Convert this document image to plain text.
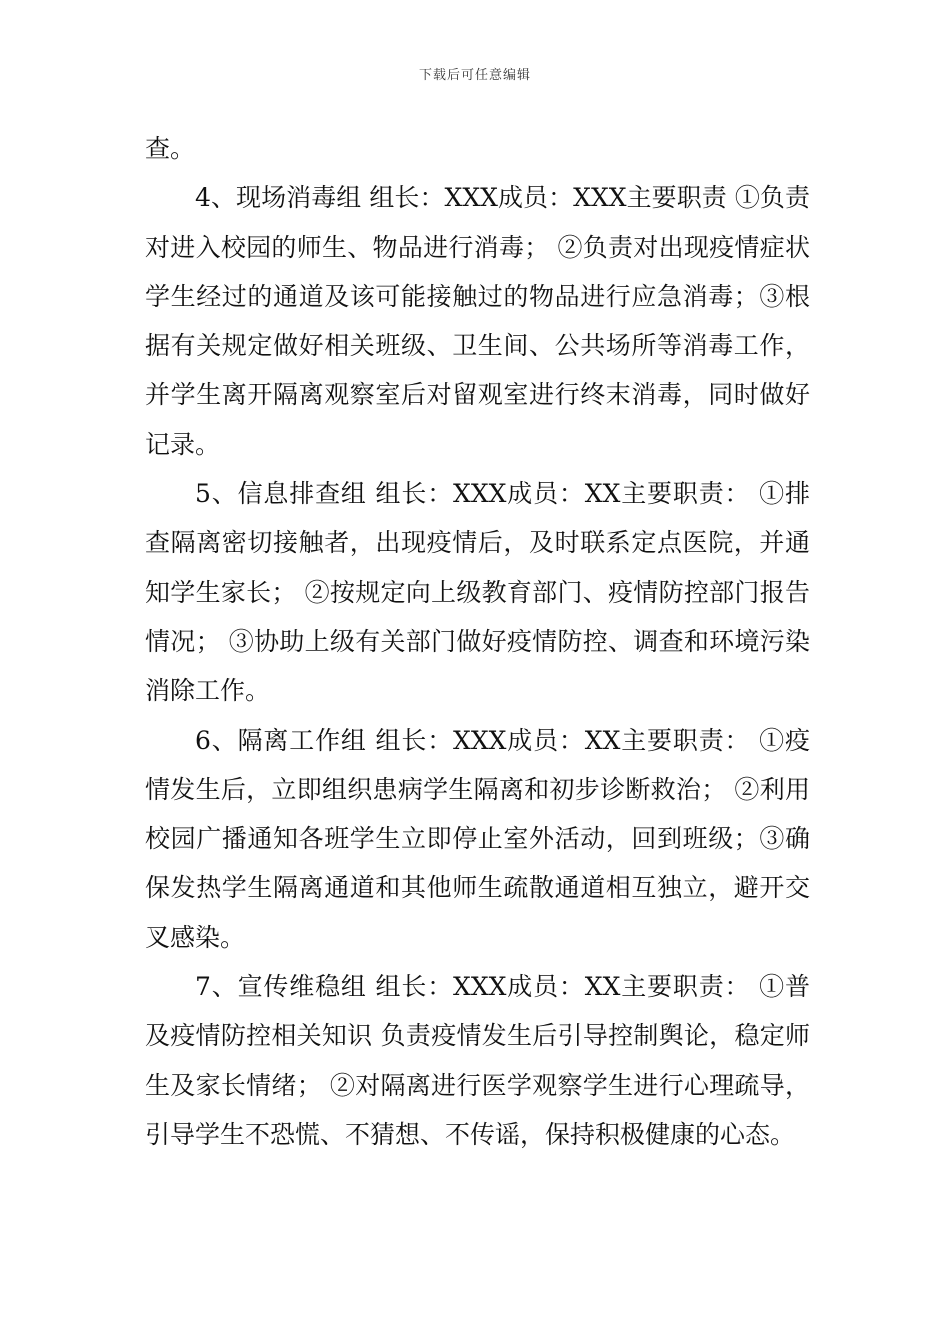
下载后可任意编辑

查。

4、现场消毒组 组长：XXX成员：XXX主要职责 ①负责对进入校园的师生、物品进行消毒； ②负责对出现疫情症状学生经过的通道及该可能接触过的物品进行应急消毒；③根据有关规定做好相关班级、卫生间、公共场所等消毒工作，并学生离开隔离观察室后对留观室进行终末消毒，同时做好记录。

5、信息排查组 组长：XXX成员：XX主要职责： ①排查隔离密切接触者，出现疫情后，及时联系定点医院，并通知学生家长； ②按规定向上级教育部门、疫情防控部门报告情况； ③协助上级有关部门做好疫情防控、调查和环境污染消除工作。

6、隔离工作组 组长：XXX成员：XX主要职责： ①疫情发生后，立即组织患病学生隔离和初步诊断救治； ②利用校园广播通知各班学生立即停止室外活动，回到班级；③确保发热学生隔离通道和其他师生疏散通道相互独立，避开交叉感染。

7、宣传维稳组 组长：XXX成员：XX主要职责： ①普及疫情防控相关知识 负责疫情发生后引导控制舆论，稳定师生及家长情绪； ②对隔离进行医学观察学生进行心理疏导，引导学生不恐慌、不猜想、不传谣，保持积极健康的心态。
